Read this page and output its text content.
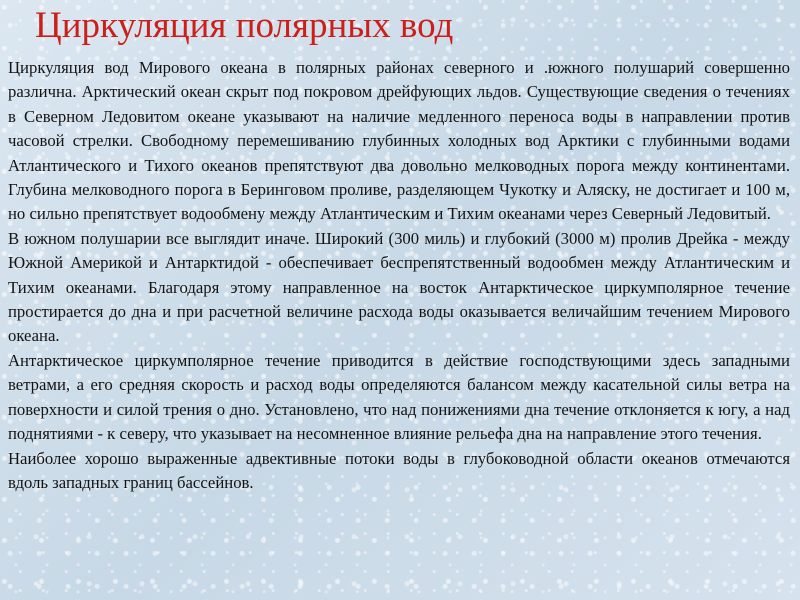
Циркуляция полярных вод

Циркуляция вод Мирового океана в полярных районах северного и .южного полушарий совершенно различна. Арктический океан скрыт под покровом дрейфующих льдов. Существующие сведения о течениях в Северном Ледовитом океане указывают на наличие медленного переноса воды в направлении против часовой стрелки. Свободному перемешиванию глубинных холодных вод Арктики с глубинными водами Атлантического и Тихого океанов препятствуют два довольно мелководных порога между континентами. Глубина мелководного порога в Беринговом проливе, разделяющем Чукотку и Аляску, не достигает и 100 м, но сильно препятствует водообмену между Атлантическим и Тихим океанами через Северный Ледовитый.

В южном полушарии все выглядит иначе. Широкий (300 миль) и глубокий (3000 м) пролив Дрейка - между Южной Америкой и Антарктидой - обеспечивает беспрепятственный водообмен между Атлантическим и Тихим океанами. Благодаря этому направленное на восток Антарктическое циркумполярное течение простирается до дна и при расчетной величине расхода воды оказывается величайшим течением Мирового океана.

Антарктическое циркумполярное течение приводится в действие господствующими здесь западными ветрами, а его средняя скорость и расход воды определяются балансом между касательной силы ветра на поверхности и силой трения о дно. Установлено, что над понижениями дна течение отклоняется к югу, а над поднятиями - к северу, что указывает на несомненное влияние рельефа дна на направление этого течения.

Наиболее хорошо выраженные адвективные потоки воды в глубоководной области океанов отмечаются вдоль западных границ бассейнов.
